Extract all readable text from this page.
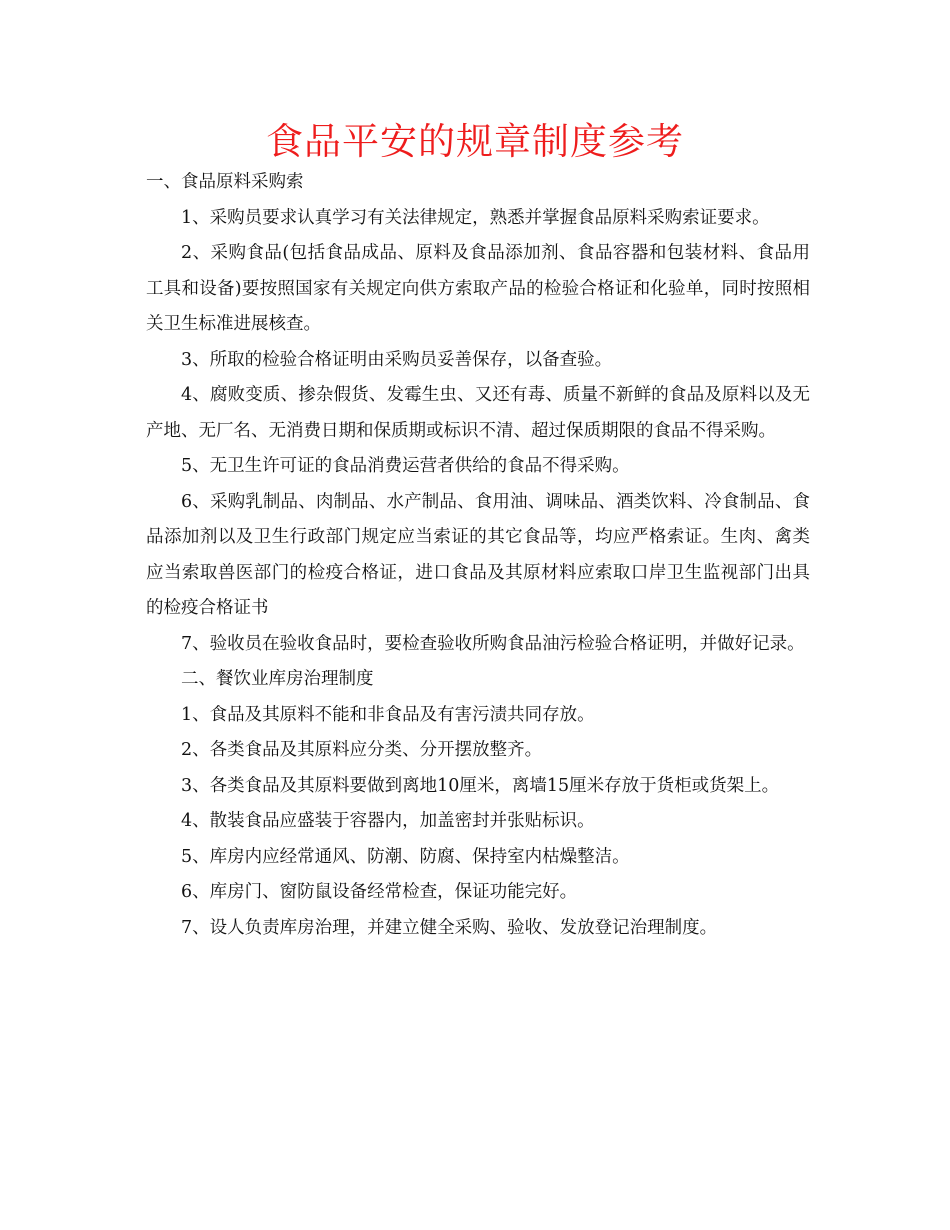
食品平安的规章制度参考

一、食品原料采购索

1、采购员要求认真学习有关法律规定，熟悉并掌握食品原料采购索证要求。

2、采购食品(包括食品成品、原料及食品添加剂、食品容器和包装材料、食品用工具和设备)要按照国家有关规定向供方索取产品的检验合格证和化验单，同时按照相关卫生标准进展核查。

3、所取的检验合格证明由采购员妥善保存，以备查验。

4、腐败变质、掺杂假货、发霉生虫、又还有毒、质量不新鲜的食品及原料以及无产地、无厂名、无消费日期和保质期或标识不清、超过保质期限的食品不得采购。

5、无卫生许可证的食品消费运营者供给的食品不得采购。

6、采购乳制品、肉制品、水产制品、食用油、调味品、酒类饮料、冷食制品、食品添加剂以及卫生行政部门规定应当索证的其它食品等，均应严格索证。生肉、禽类应当索取兽医部门的检疫合格证，进口食品及其原材料应索取口岸卫生监视部门出具的检疫合格证书

7、验收员在验收食品时，要检查验收所购食品油污检验合格证明，并做好记录。

二、餐饮业库房治理制度

1、食品及其原料不能和非食品及有害污渍共同存放。

2、各类食品及其原料应分类、分开摆放整齐。

3、各类食品及其原料要做到离地10厘米，离墙15厘米存放于货柜或货架上。

4、散装食品应盛装于容器内，加盖密封并张贴标识。

5、库房内应经常通风、防潮、防腐、保持室内枯燥整洁。

6、库房门、窗防鼠设备经常检查，保证功能完好。

7、设人负责库房治理，并建立健全采购、验收、发放登记治理制度。
